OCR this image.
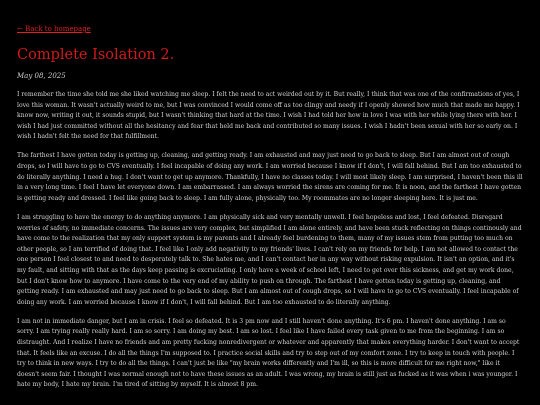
← Back to homepage
Complete Isolation 2.
May 08, 2025

I remember the time she told me she liked watching me sleep. I felt the need to act weirded out by it. But really, I think that was one of the confirmations of yes, I love this woman. It wasn't actually weird to me, but I was convinced I would come off as too clingy and needy if I openly showed how much that made me happy. I know now, writing it out, it sounds stupid, but I wasn't thinking that hard at the time. I wish I had told her how in love I was with her while lying there with her. I wish I had just committed without all the hesitancy and fear that held me back and contributed so many issues. I wish I hadn't been sexual with her so early on. I wish I hadn't felt the need for that fulfillment.

The farthest I have gotten today is getting up, cleaning, and getting ready. I am exhausted and may just need to go back to sleep. But I am almost out of cough drops, so I will have to go to CVS eventually. I feel incapable of doing any work. I am worried because I know if I don't, I will fall behind. But I am too exhausted to do literally anything. I need a hug. I don't want to get up anymore. Thankfully, I have no classes today. I will most likely sleep. I am surprised, I haven't been this ill in a very long time. I feel I have let everyone down. I am embarrassed. I am always worried the sirens are coming for me. It is noon, and the farthest I have gotten is getting ready and dressed. I feel like going back to sleep. I am fully alone, physically too. My roommates are no longer sleeping here. It is just me.

I am struggling to have the energy to do anything anymore. I am physically sick and very mentally unwell. I feel hopeless and lost, I feel defeated. Disregard worries of safety, no immediate concerns. The issues are very complex, but simplified I am alone entirely, and have been stuck reflecting on things continously and have come to the realization that my only support system is my parents and I already feel burdening to them, many of my issues stem from putting too much on other people, so I am terrified of doing that. I feel like I only add negativity to my friends' lives. I can't rely on my friends for help. I am not allowed to contact the one person I feel closest to and need to desperately talk to. She hates me, and I can't contact her in any way without risking expulsion. It isn't an option, and it's my fault, and sitting with that as the days keep passing is excruciating. I only have a week of school left, I need to get over this sickness, and get my work done, but I don't know how to anymore. I have come to the very end of my ability to push on through. The farthest I have gotten today is getting up, cleaning, and getting ready. I am exhausted and may just need to go back to sleep. But I am almost out of cough drops, so I will have to go to CVS eventually. I feel incapable of doing any work. I am worried because I know if I don't, I will fall behind. But I am too exhausted to do literally anything.

I am not in immediate danger, but I am in crisis. I feel so defeated. It is 3 pm now and I still haven't done anything. It's 6 pm. I haven't done anything. I am so sorry. I am trying really really hard. I am so sorry. I am doing my best. I am so lost. I feel like I have failed every task given to me from the beginning. I am so distraught. And I realize I have no friends and am pretty fucking nonredivergent or whatever and apparently that makes everything harder. I don't want to accept that. It feels like an excuse. I do all the things I'm supposed to. I practice social skills and try to step out of my comfort zone. I try to keep in touch with people. I try to think in new ways. I try to do all the things. I can't just be like "my brain works differently and I'm ill, so this is more difficult for me right now," like it doesn't seem fair. I thought I was normal enough not to have these issues as an adult. I was wrong, my brain is still just as fucked as it was when i was younger. I hate my body, I hate my brain. I'm tired of sitting by myself. It is almost 8 pm.
